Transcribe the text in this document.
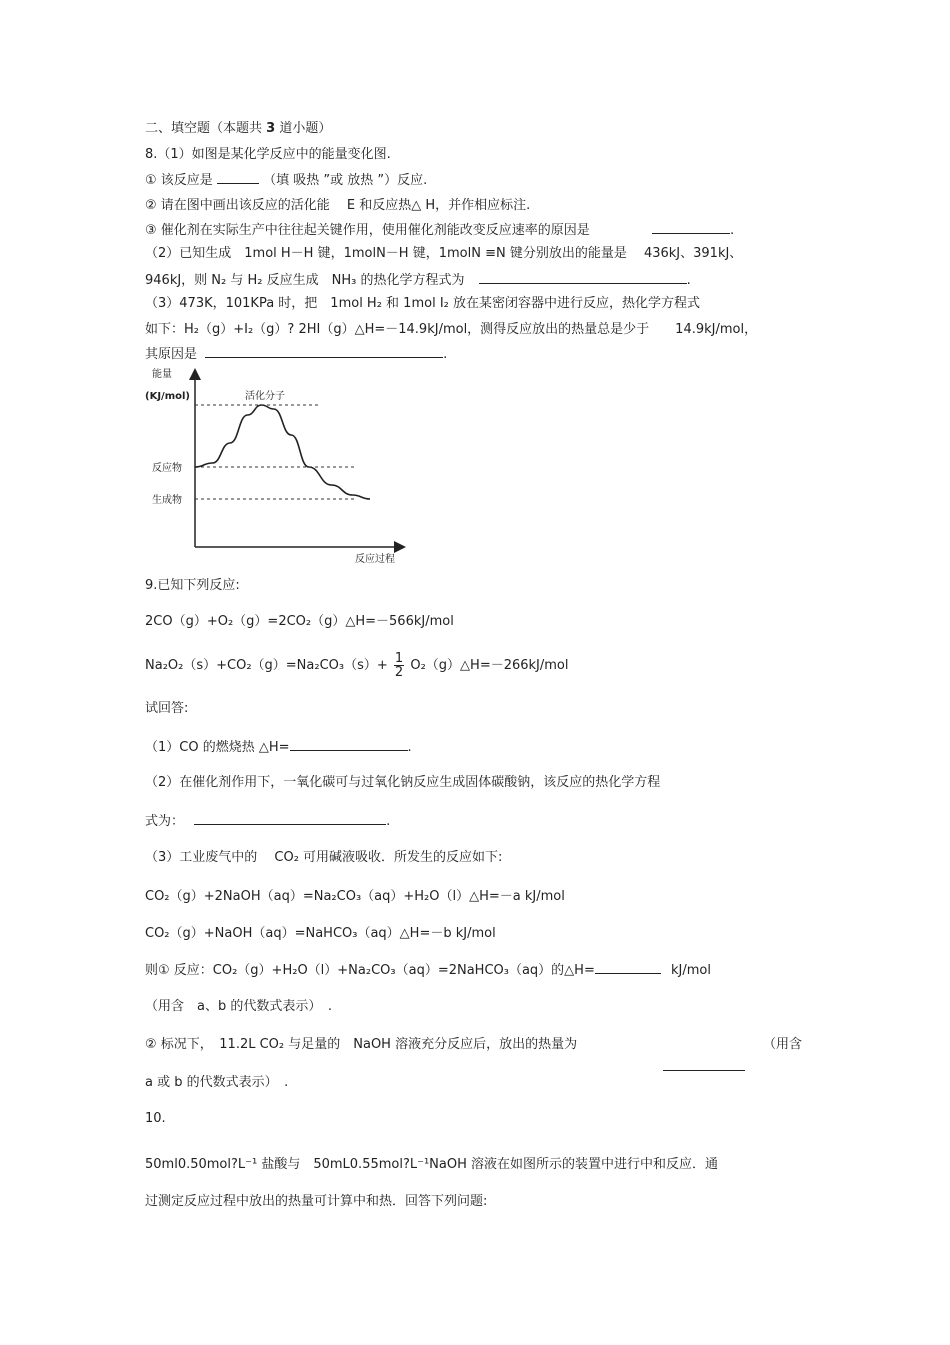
二、填空题（本题共 3 道小题）
8.（1）如图是某化学反应中的能量变化图.
① 该反应是	（填 吸热 ”或 放热 ”）反应.
② 请在图中画出该反应的活化能　 E 和反应热△ H，并作相应标注.
③ 催化剂在实际生产中往往起关键作用，使用催化剂能改变反应速率的原因是	.
（2）已知生成　1mol H－H 键，1molN－H 键，1molN ≡N 键分别放出的能量是　 436kJ、391kJ、
946kJ，则 N₂ 与 H₂ 反应生成　NH₃ 的热化学方程式为	.
（3）473K，101KPa 时，把　1mol H₂ 和 1mol I₂ 放在某密闭容器中进行反应，热化学方程式
如下：H₂（g）+I₂（g）? 2HI（g）△H=－14.9kJ/mol，测得反应放出的热量总是少于　　14.9kJ/mol，
其原因是	.
能量
(KJ/mol)
反应过程
活化分子
反应物
生成物
9.已知下列反应:
2CO（g）+O₂（g）=2CO₂（g）△H=－566kJ/mol
$Na_2O_2(s)+CO_2(g)=Na_2CO_3(s)+ \frac{1}{2}$ O₂（g）△H=－266kJ/mol
试回答:
（1）CO 的燃烧热 △H=	.
（2）在催化剂作用下，一氧化碳可与过氧化钠反应生成固体碳酸钠，该反应的热化学方程
式为：	.
（3）工业废气中的　 CO₂ 可用碱液吸收．所发生的反应如下:
CO₂（g）+2NaOH（aq）=Na₂CO₃（aq）+H₂O（l）△H=－a kJ/mol
CO₂（g）+NaOH（aq）=NaHCO₃（aq）△H=－b kJ/mol
则① 反应：CO₂（g）+H₂O（l）+Na₂CO₃（aq）=2NaHCO₃（aq）的△H=	kJ/mol
（用含　a、b 的代数式表示）　.
② 标况下，　11.2L CO₂ 与足量的　NaOH 溶液充分反应后，放出的热量为	（用含
a 或 b 的代数式表示）　.
10.
50ml0.50mol?L⁻¹ 盐酸与　50mL0.55mol?L⁻¹NaOH 溶液在如图所示的装置中进行中和反应．通
过测定反应过程中放出的热量可计算中和热．回答下列问题:
